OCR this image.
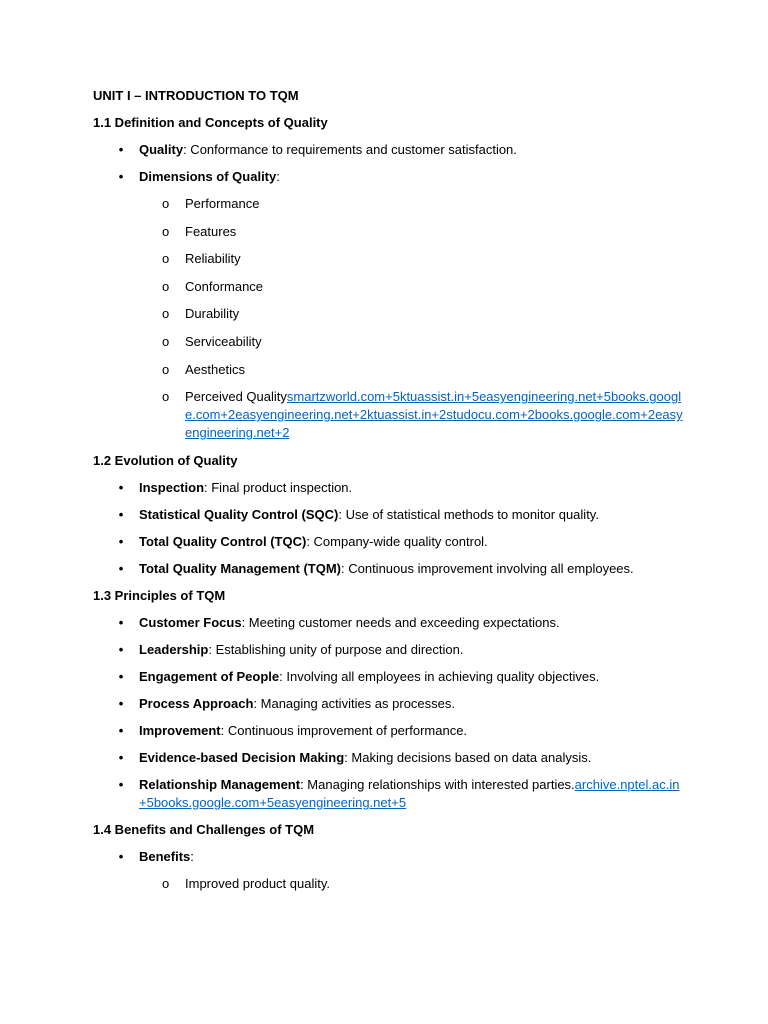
UNIT I – INTRODUCTION TO TQM
1.1 Definition and Concepts of Quality
• Quality: Conformance to requirements and customer satisfaction.
• Dimensions of Quality:
o Performance
o Features
o Reliability
o Conformance
o Durability
o Serviceability
o Aesthetics
o Perceived Qualitysmartzworld.com+5ktuassist.in+5easyengineering.net+5books.google.com+2easyengineering.net+2ktuassist.in+2studocu.com+2books.google.com+2easyengineering.net+2
1.2 Evolution of Quality
• Inspection: Final product inspection.
• Statistical Quality Control (SQC): Use of statistical methods to monitor quality.
• Total Quality Control (TQC): Company-wide quality control.
• Total Quality Management (TQM): Continuous improvement involving all employees.
1.3 Principles of TQM
• Customer Focus: Meeting customer needs and exceeding expectations.
• Leadership: Establishing unity of purpose and direction.
• Engagement of People: Involving all employees in achieving quality objectives.
• Process Approach: Managing activities as processes.
• Improvement: Continuous improvement of performance.
• Evidence-based Decision Making: Making decisions based on data analysis.
• Relationship Management: Managing relationships with interested parties.archive.nptel.ac.in+5books.google.com+5easyengineering.net+5
1.4 Benefits and Challenges of TQM
• Benefits:
o Improved product quality.
